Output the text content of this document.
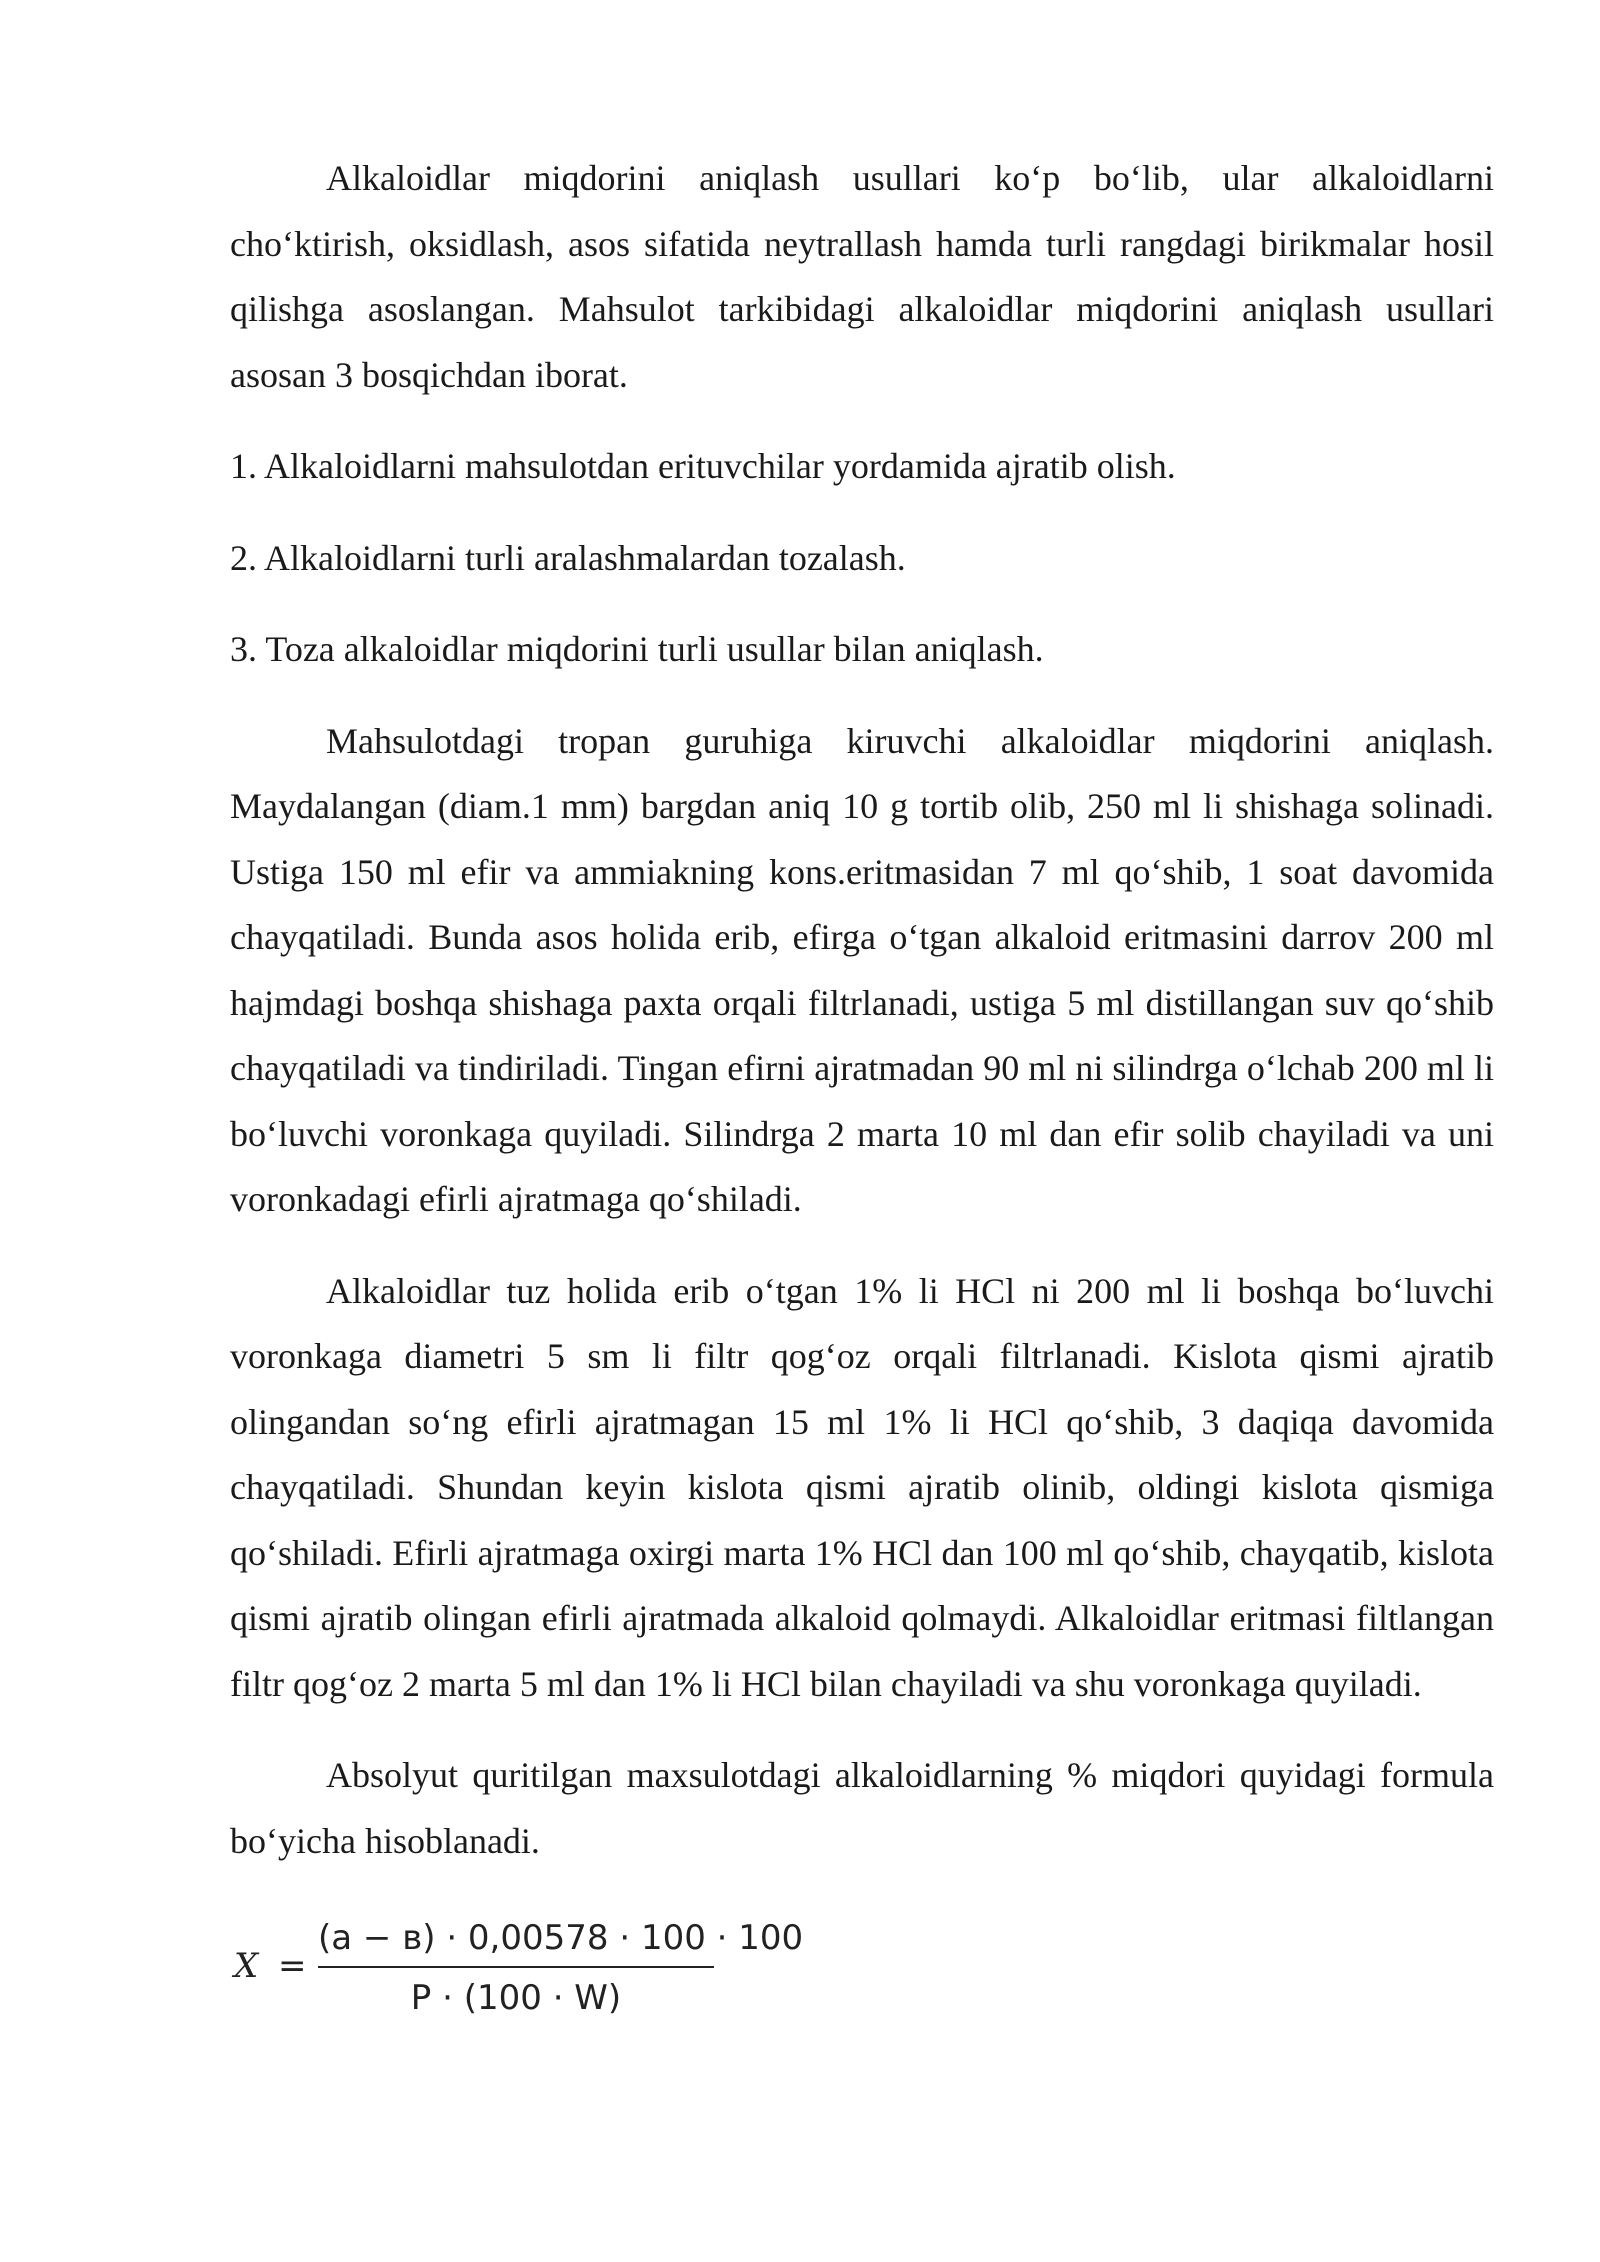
Alkaloidlar miqdorini aniqlash usullari ko‘p bo‘lib, ular alkaloidlarni cho‘ktirish, oksidlash, asos sifatida neytrallash hamda turli rangdagi birikmalar hosil qilishga asoslangan. Mahsulot tarkibidagi alkaloidlar miqdorini aniqlash usullari asosan 3 bosqichdan iborat.

1. Alkaloidlarni mahsulotdan erituvchilar yordamida ajratib olish.

2. Alkaloidlarni turli aralashmalardan tozalash.

3. Toza alkaloidlar miqdorini turli usullar bilan aniqlash.

Mahsulotdagi tropan guruhiga kiruvchi alkaloidlar miqdorini aniqlash. Maydalangan (diam.1 mm) bargdan aniq 10 g tortib olib, 250 ml li shishaga solinadi. Ustiga 150 ml efir va ammiakning kons.eritmasidan 7 ml qo‘shib, 1 soat davomida chayqatiladi. Bunda asos holida erib, efirga o‘tgan alkaloid eritmasini darrov 200 ml hajmdagi boshqa shishaga paxta orqali filtrlanadi, ustiga 5 ml distillangan suv qo‘shib chayqatiladi va tindiriladi. Tingan efirni ajratmadan 90 ml ni silindrga o‘lchab 200 ml li bo‘luvchi voronkaga quyiladi. Silindrga 2 marta 10 ml dan efir solib chayiladi va uni voronkadagi efirli ajratmaga qo‘shiladi.

Alkaloidlar tuz holida erib o‘tgan 1% li HCl ni 200 ml li boshqa bo‘luvchi voronkaga diametri 5 sm li filtr qog‘oz orqali filtrlanadi. Kislota qismi ajratib olingandan so‘ng efirli ajratmagan 15 ml 1% li HCl qo‘shib, 3 daqiqa davomida chayqatiladi. Shundan keyin kislota qismi ajratib olinib, oldingi kislota qismiga qo‘shiladi. Efirli ajratmaga oxirgi marta 1% HCl dan 100 ml qo‘shib, chayqatib, kislota qismi ajratib olingan efirli ajratmada alkaloid qolmaydi. Alkaloidlar eritmasi filtlangan filtr qog‘oz 2 marta 5 ml dan 1% li HCl bilan chayiladi va shu voronkaga quyiladi.

Absolyut quritilgan maxsulotdagi alkaloidlarning % miqdori quyidagi formula bo‘yicha hisoblanadi.

X =
(a − в) · 0,00578 · 100 · 100
P · (100 · W)
